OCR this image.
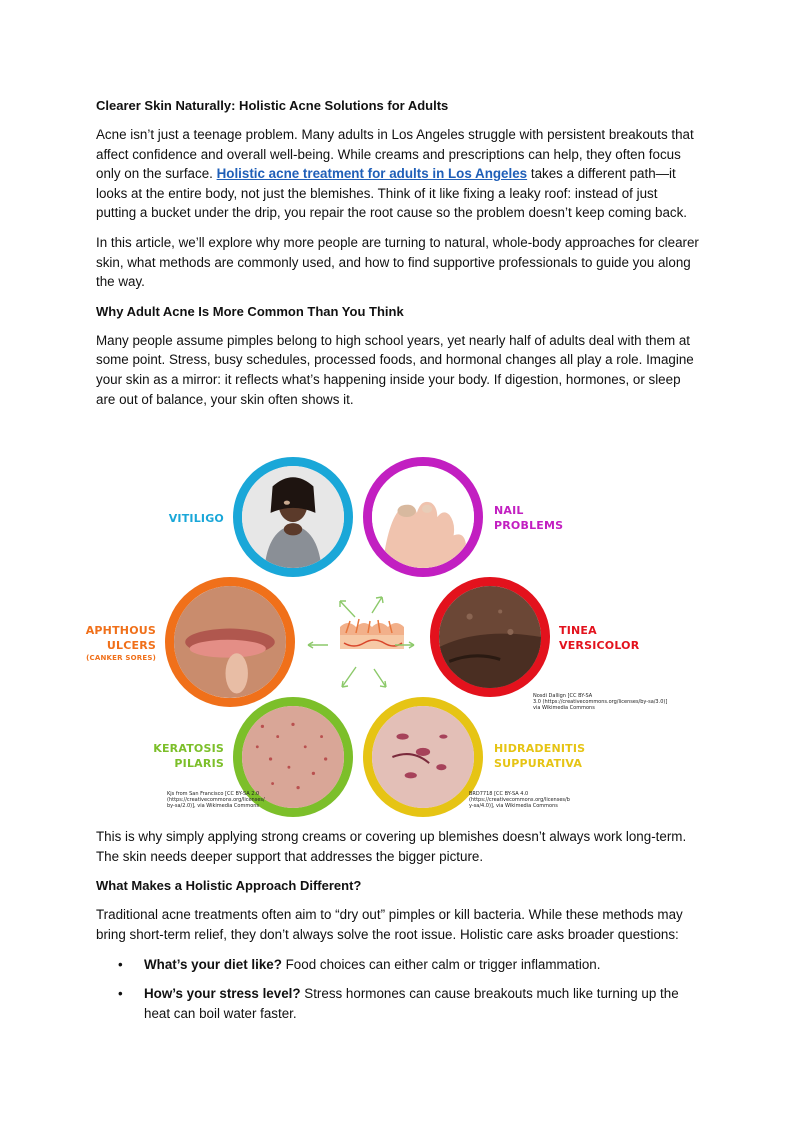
Clearer Skin Naturally: Holistic Acne Solutions for Adults

Acne isn’t just a teenage problem. Many adults in Los Angeles struggle with persistent breakouts that affect confidence and overall well-being. While creams and prescriptions can help, they often focus only on the surface. Holistic acne treatment for adults in Los Angeles takes a different path—it looks at the entire body, not just the blemishes. Think of it like fixing a leaky roof: instead of just putting a bucket under the drip, you repair the root cause so the problem doesn’t keep coming back.

In this article, we’ll explore why more people are turning to natural, whole-body approaches for clearer skin, what methods are commonly used, and how to find supportive professionals to guide you along the way.

Why Adult Acne Is More Common Than You Think

Many people assume pimples belong to high school years, yet nearly half of adults deal with them at some point. Stress, busy schedules, processed foods, and hormonal changes all play a role. Imagine your skin as a mirror: it reflects what’s happening inside your body. If digestion, hormones, or sleep are out of balance, your skin often shows it.

VITILIGO
NAIL
PROBLEMS
APHTHOUS
ULCERS
(CANKER SORES)
TINEA
VERSICOLOR
Nosdi Dallign [CC BY-SA
3.0 (https://creativecommons.org/licenses/by-sa/3.0)]
via Wikimedia Commons
KERATOSIS
PILARIS
Kjs from San Francisco [CC BY-SA 2.0
(https://creativecommons.org/licenses/
by-sa/2.0)], via Wikimedia Commons
HIDRADENITIS
SUPPURATIVA
BRD7718 [CC BY-SA 4.0
(https://creativecommons.org/licenses/b
y-sa/4.0)], via Wikimedia Commons

This is why simply applying strong creams or covering up blemishes doesn’t always work long-term. The skin needs deeper support that addresses the bigger picture.

What Makes a Holistic Approach Different?

Traditional acne treatments often aim to “dry out” pimples or kill bacteria. While these methods may bring short-term relief, they don’t always solve the root issue. Holistic care asks broader questions:

• What’s your diet like? Food choices can either calm or trigger inflammation.
• How’s your stress level? Stress hormones can cause breakouts much like turning up the heat can boil water faster.
